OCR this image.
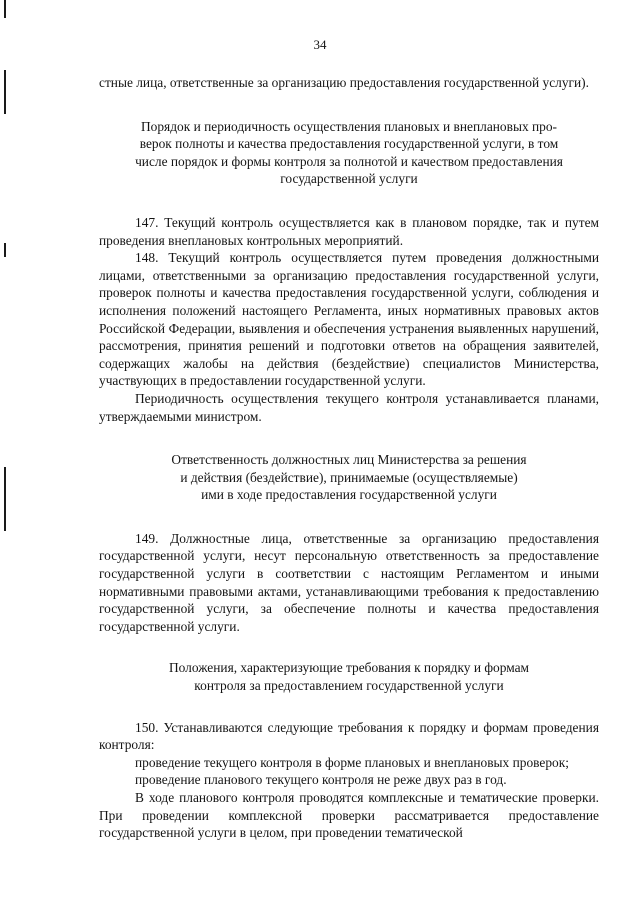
34

стные лица, ответственные за организацию предоставления государственной услуги).

Порядок и периодичность осуществления плановых и внеплановых про-
верок полноты и качества предоставления государственной услуги, в том
числе порядок и формы контроля за полнотой и качеством предоставления
государственной услуги

147. Текущий контроль осуществляется как в плановом порядке, так и путем проведения внеплановых контрольных мероприятий.

148. Текущий контроль осуществляется путем проведения должностными лицами, ответственными за организацию предоставления государственной услуги, проверок полноты и качества предоставления государственной услуги, соблюдения и исполнения положений настоящего Регламента, иных нормативных правовых актов Российской Федерации, выявления и обеспечения устранения выявленных нарушений, рассмотрения, принятия решений и подготовки ответов на обращения заявителей, содержащих жалобы на действия (бездействие) специалистов Министерства, участвующих в предоставлении государственной услуги.

Периодичность осуществления текущего контроля устанавливается планами, утверждаемыми министром.

Ответственность должностных лиц Министерства за решения
и действия (бездействие), принимаемые (осуществляемые)
ими в ходе предоставления государственной услуги

149. Должностные лица, ответственные за организацию предоставления государственной услуги, несут персональную ответственность за предоставление государственной услуги в соответствии с настоящим Регламентом и иными нормативными правовыми актами, устанавливающими требования к предоставлению государственной услуги, за обеспечение полноты и качества предоставления государственной услуги.

Положения, характеризующие требования к порядку и формам
контроля за предоставлением государственной услуги

150. Устанавливаются следующие требования к порядку и формам проведения контроля:

проведение текущего контроля в форме плановых и внеплановых проверок;

проведение планового текущего контроля не реже двух раз в год.

В ходе планового контроля проводятся комплексные и тематические проверки. При проведении комплексной проверки рассматривается предоставление государственной услуги в целом, при проведении тематической
